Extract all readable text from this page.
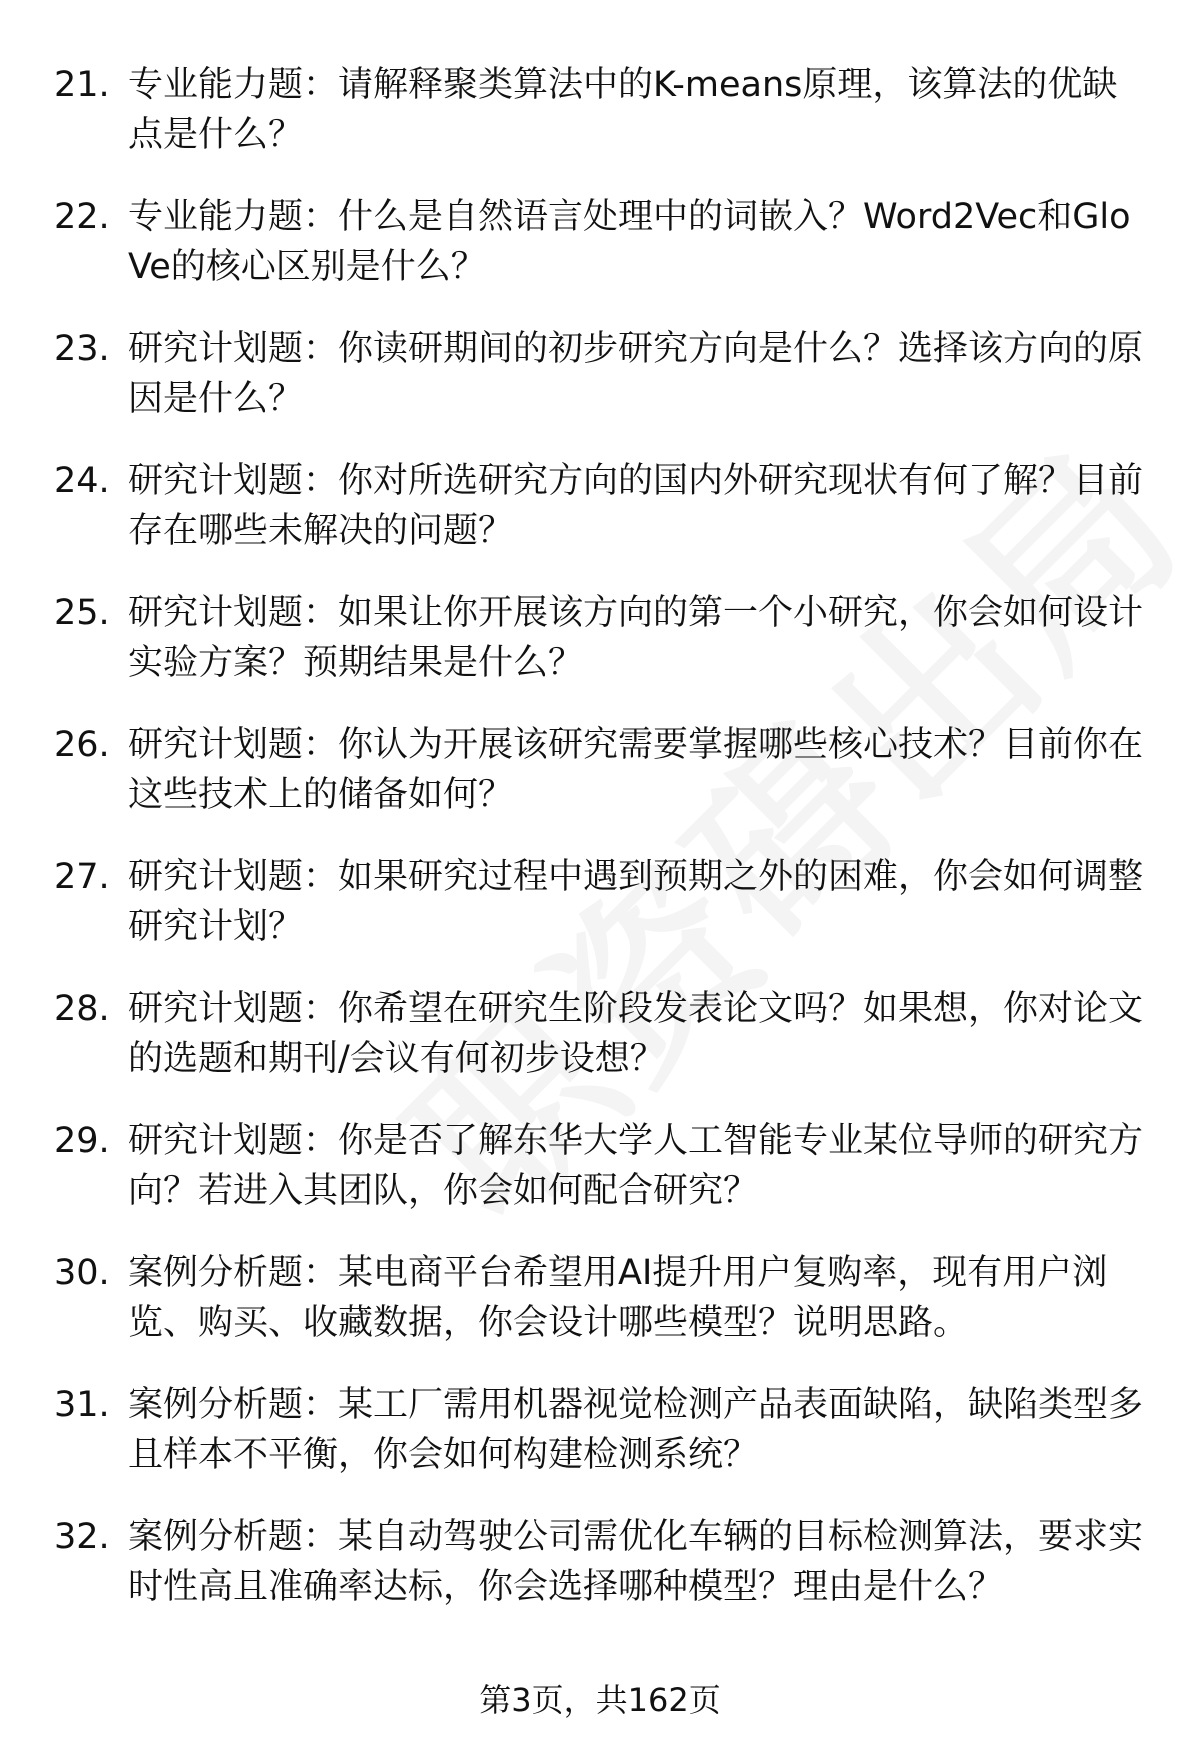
21. 专业能力题：请解释聚类算法中的K-means原理，该算法的优缺点是什么？
22. 专业能力题：什么是自然语言处理中的词嵌入？Word2Vec和GloVe的核心区别是什么？
23. 研究计划题：你读研期间的初步研究方向是什么？选择该方向的原因是什么？
24. 研究计划题：你对所选研究方向的国内外研究现状有何了解？目前存在哪些未解决的问题？
25. 研究计划题：如果让你开展该方向的第一个小研究，你会如何设计实验方案？预期结果是什么？
26. 研究计划题：你认为开展该研究需要掌握哪些核心技术？目前你在这些技术上的储备如何？
27. 研究计划题：如果研究过程中遇到预期之外的困难，你会如何调整研究计划？
28. 研究计划题：你希望在研究生阶段发表论文吗？如果想，你对论文的选题和期刊/会议有何初步设想？
29. 研究计划题：你是否了解东华大学人工智能专业某位导师的研究方向？若进入其团队，你会如何配合研究？
30. 案例分析题：某电商平台希望用AI提升用户复购率，现有用户浏览、购买、收藏数据，你会设计哪些模型？说明思路。
31. 案例分析题：某工厂需用机器视觉检测产品表面缺陷，缺陷类型多且样本不平衡，你会如何构建检测系统？
32. 案例分析题：某自动驾驶公司需优化车辆的目标检测算法，要求实时性高且准确率达标，你会选择哪种模型？理由是什么？
第3页，共162页
